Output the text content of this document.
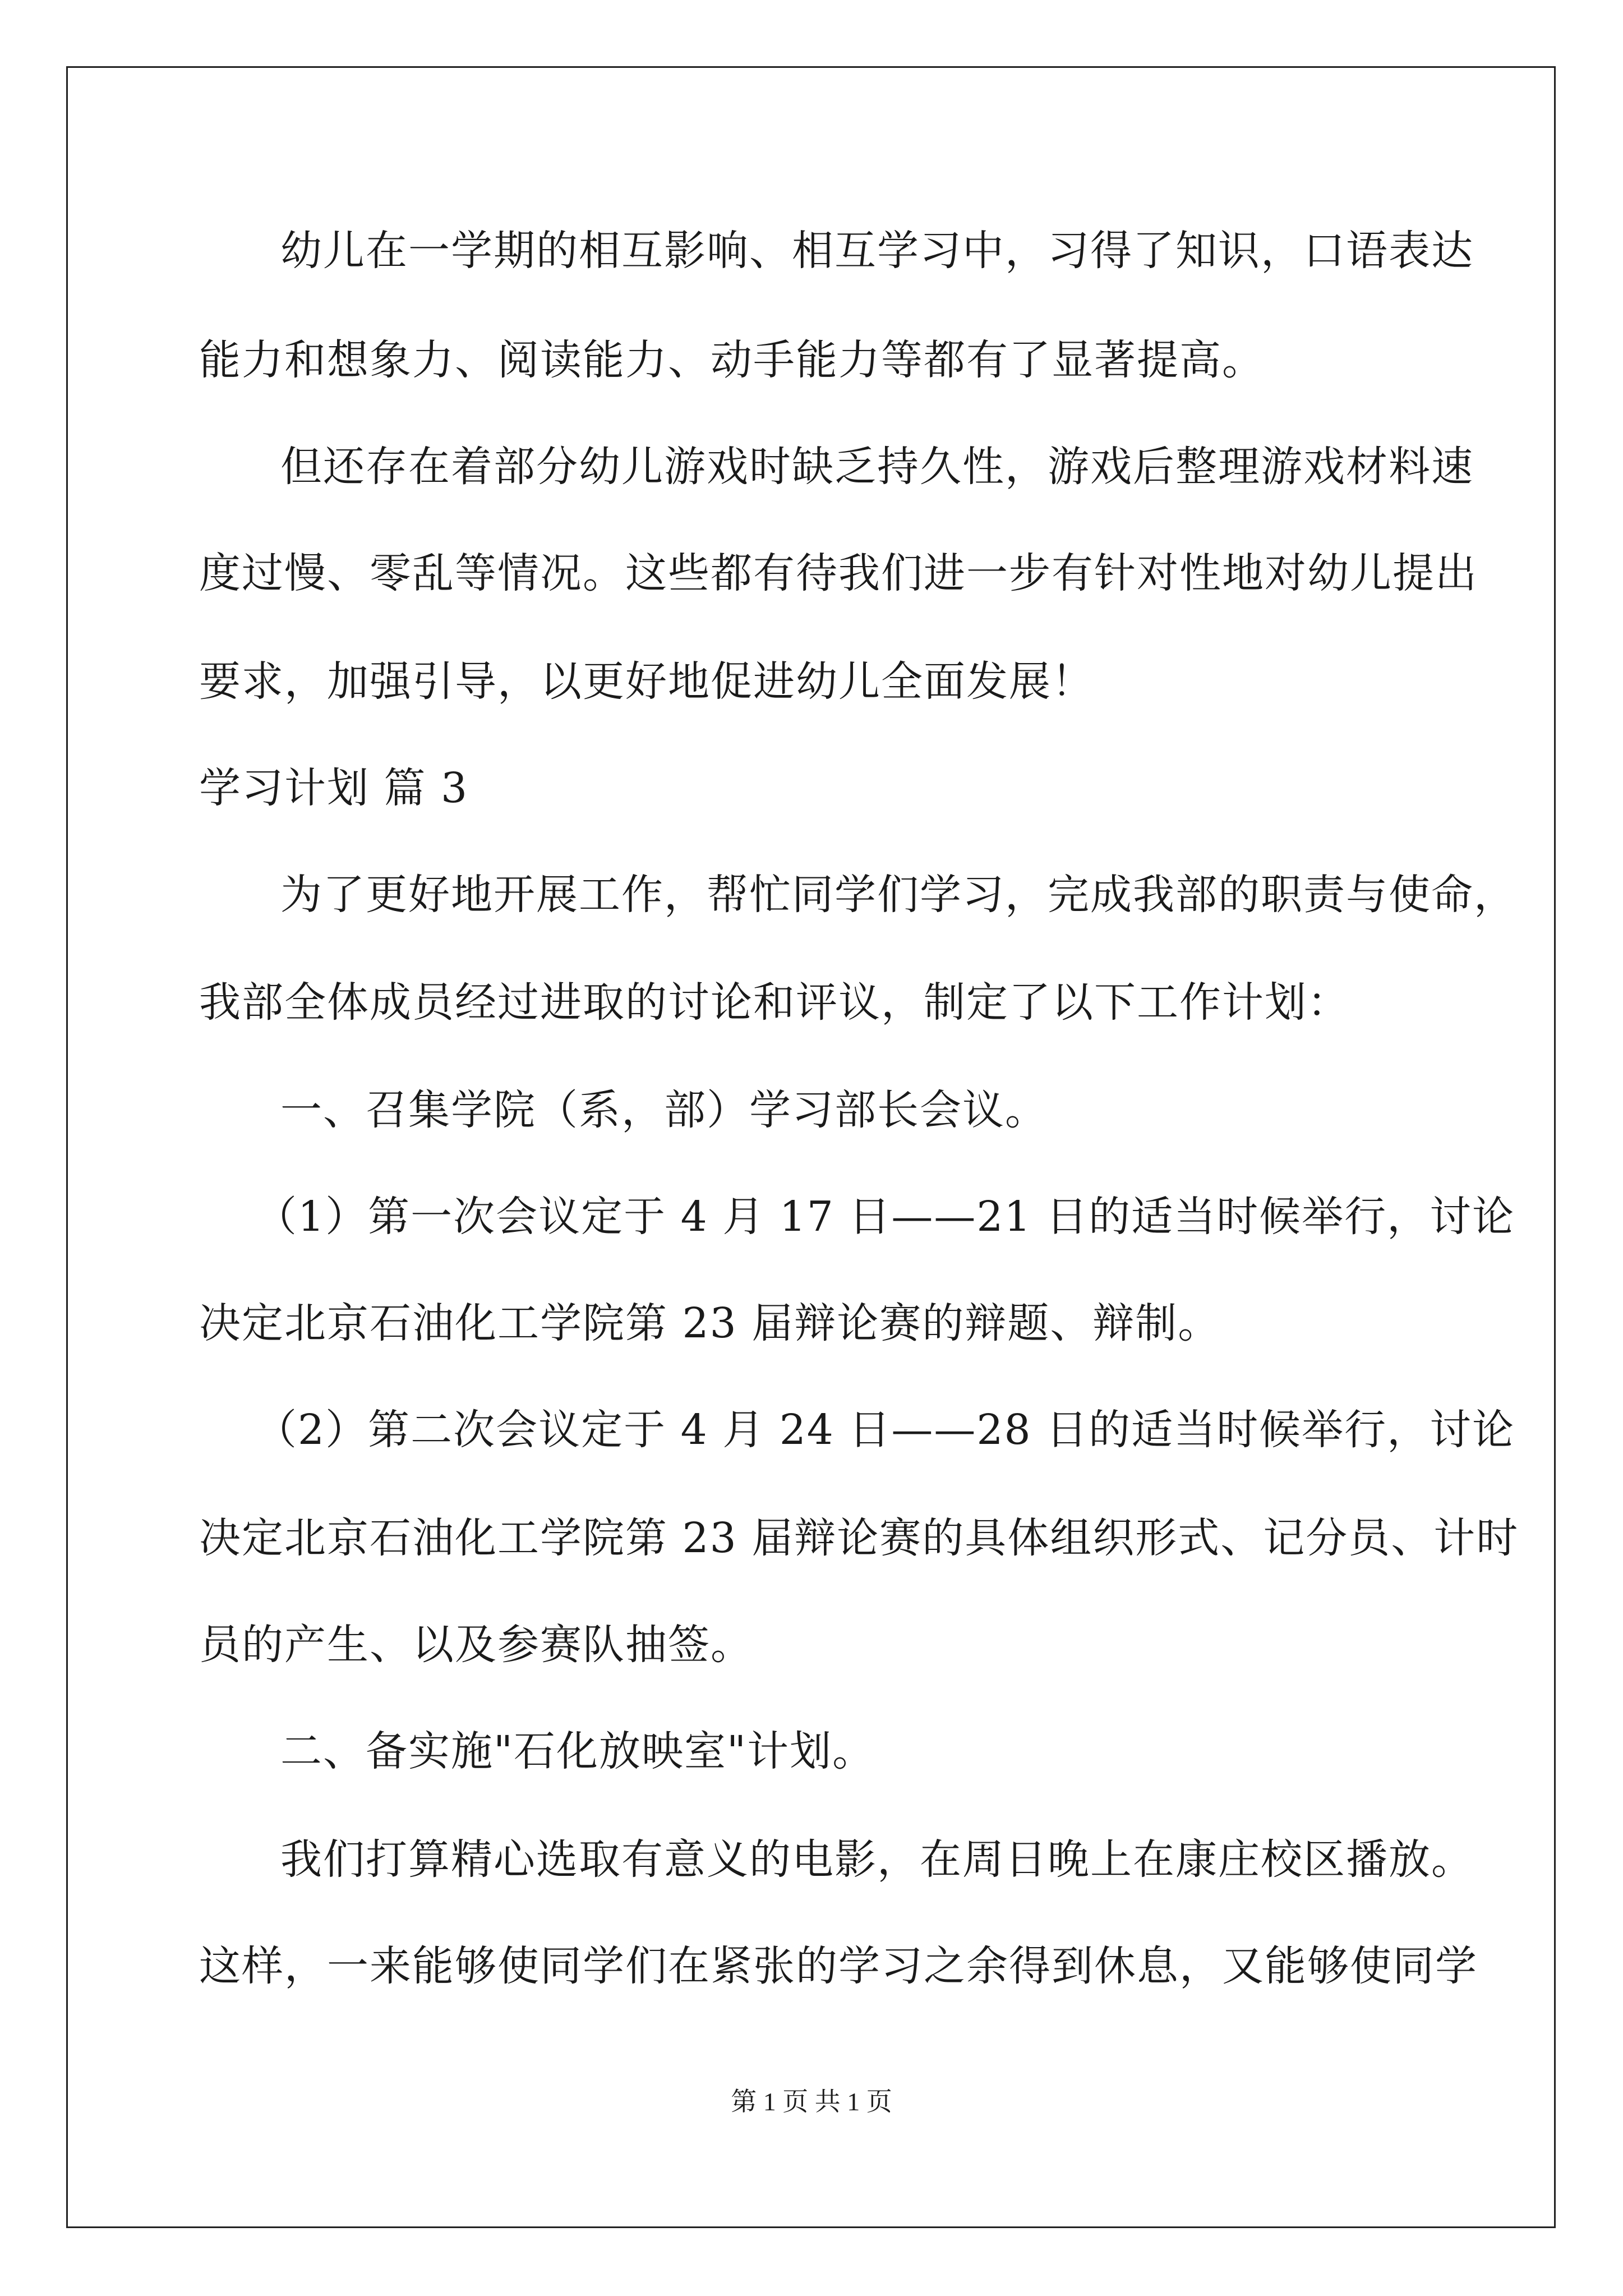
幼儿在一学期的相互影响、相互学习中，习得了知识，口语表达
能力和想象力、阅读能力、动手能力等都有了显著提高。
但还存在着部分幼儿游戏时缺乏持久性，游戏后整理游戏材料速
度过慢、零乱等情况。这些都有待我们进一步有针对性地对幼儿提出
要求，加强引导，以更好地促进幼儿全面发展！
学习计划 篇 3
为了更好地开展工作，帮忙同学们学习，完成我部的职责与使命，
我部全体成员经过进取的讨论和评议，制定了以下工作计划：
一、召集学院（系，部）学习部长会议。
（1）第一次会议定于 4 月 17 日——21 日的适当时候举行，讨论
决定北京石油化工学院第 23 届辩论赛的辩题、辩制。
（2）第二次会议定于 4 月 24 日——28 日的适当时候举行，讨论
决定北京石油化工学院第 23 届辩论赛的具体组织形式、记分员、计时
员的产生、以及参赛队抽签。
二、备实施"石化放映室"计划。
我们打算精心选取有意义的电影，在周日晚上在康庄校区播放。
这样，一来能够使同学们在紧张的学习之余得到休息，又能够使同学
第 1 页 共 1 页
